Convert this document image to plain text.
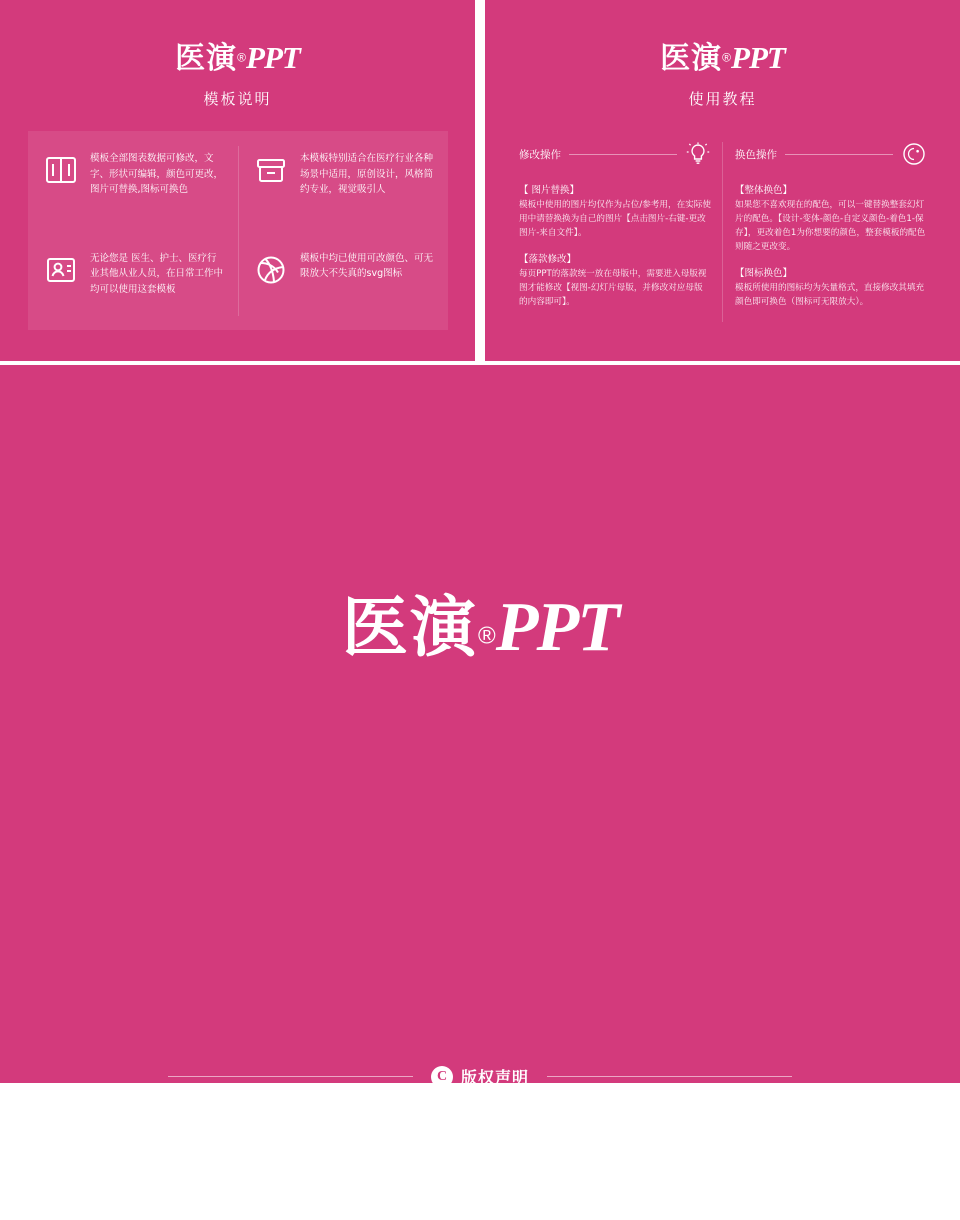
医演®PPT
模板说明
模板全部图表数据可修改，文字、形状可编辑，颜色可更改，图片可替换,图标可换色
本模板特别适合在医疗行业各种场景中适用，原创设计，风格简约专业，视觉吸引人
无论您是 医生、护士、医疗行业其他从业人员，在日常工作中均可以使用这套模板
模板中均已使用可改颜色、可无限放大不失真的svg图标
医演®PPT
使用教程
修改操作
【 图片替换】
模板中使用的图片均仅作为占位/参考用，在实际使用中请替换换为自己的图片【点击图片-右键-更改图片-来自文件】。
【落款修改】
每页PPT的落款统一放在母版中，需要进入母版视图才能修改【视图-幻灯片母版，并修改对应母版的内容即可】。
换色操作
【整体换色】
如果您不喜欢现在的配色，可以一键替换整套幻灯片的配色。【设计-变体-颜色-自定义颜色-着色1-保存】，更改着色1为你想要的颜色，整套模板的配色则随之更改变。
【图标换色】
模板所使用的图标均为矢量格式，直接修改其填充颜色即可换色（图标可无限放大）。
医演®PPT
C 版权声明
感谢您购买医演®PPT模板，感谢您支持原创设计版权产品！为了您和
医演®PPT的利益，请勿复制、传播、转售本模板，否则将承担法律责任！
www.yippt.com
